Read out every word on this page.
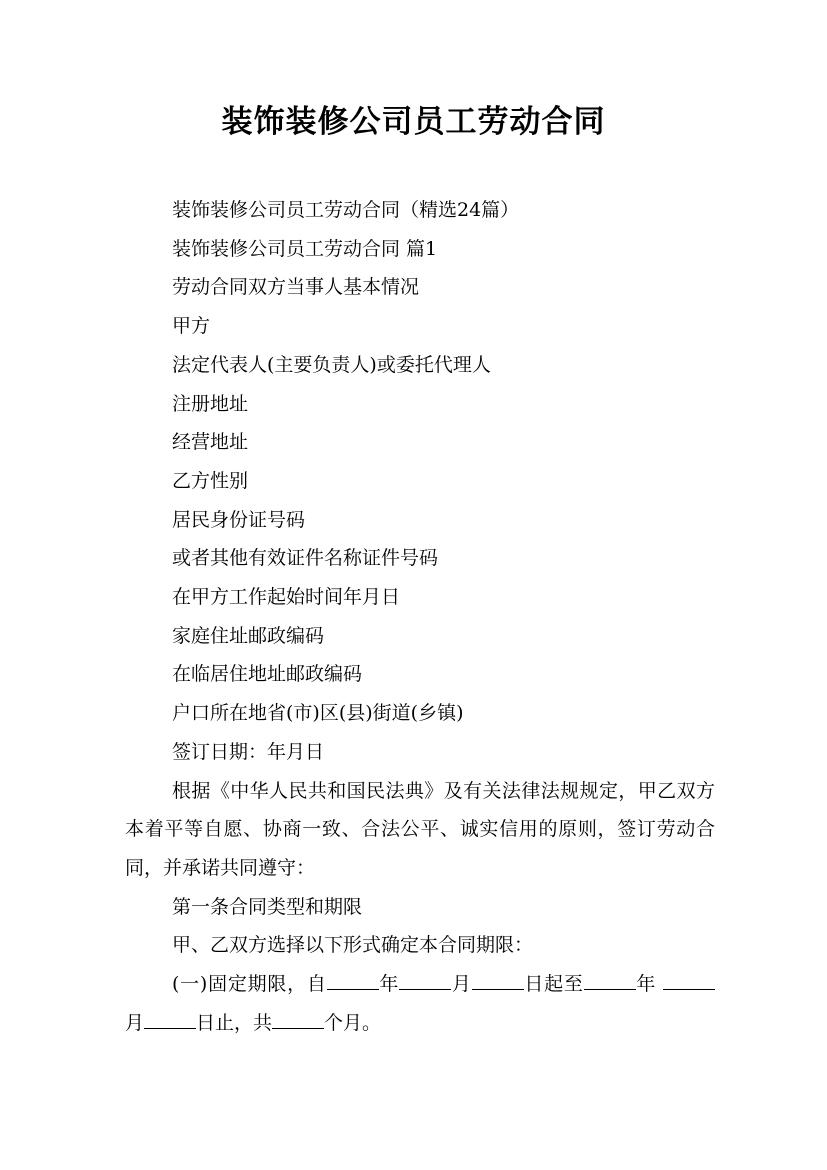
装饰装修公司员工劳动合同

装饰装修公司员工劳动合同（精选24篇）

装饰装修公司员工劳动合同 篇1

劳动合同双方当事人基本情况

甲方

法定代表人(主要负责人)或委托代理人

注册地址

经营地址

乙方性别

居民身份证号码

或者其他有效证件名称证件号码

在甲方工作起始时间年月日

家庭住址邮政编码

在临居住地址邮政编码

户口所在地省(市)区(县)街道(乡镇)

签订日期：年月日

根据《中华人民共和国民法典》及有关法律法规规定，甲乙双方本着平等自愿、协商一致、合法公平、诚实信用的原则，签订劳动合同，并承诺共同遵守：

第一条合同类型和期限

甲、乙双方选择以下形式确定本合同期限：

(一)固定期限，自	年	月	日起至	年 月	日止，共	个月。
